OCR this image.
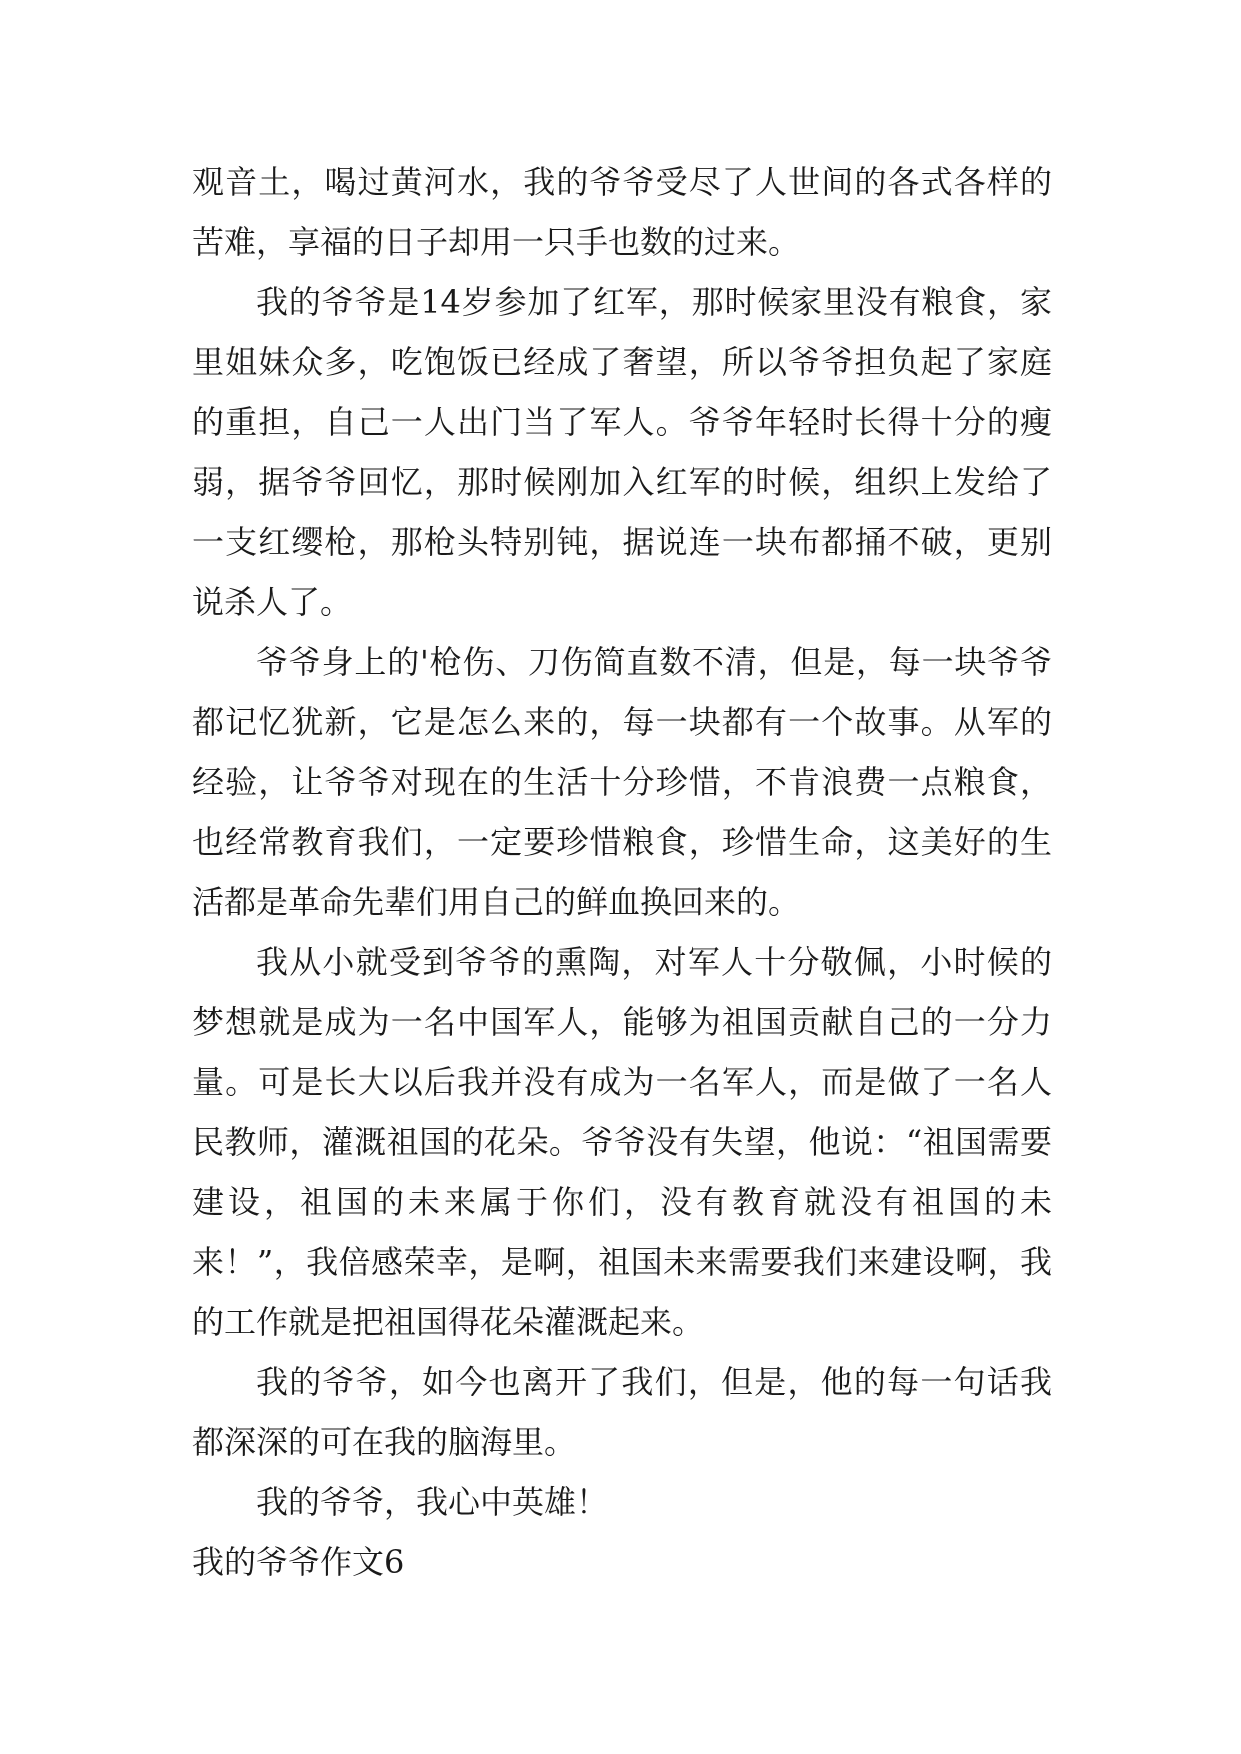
观音土，喝过黄河水，我的爷爷受尽了人世间的各式各样的苦难，享福的日子却用一只手也数的过来。

我的爷爷是14岁参加了红军，那时候家里没有粮食，家里姐妹众多，吃饱饭已经成了奢望，所以爷爷担负起了家庭的重担，自己一人出门当了军人。爷爷年轻时长得十分的瘦弱，据爷爷回忆，那时候刚加入红军的时候，组织上发给了一支红缨枪，那枪头特别钝，据说连一块布都捅不破，更别说杀人了。

爷爷身上的'枪伤、刀伤简直数不清，但是，每一块爷爷都记忆犹新，它是怎么来的，每一块都有一个故事。从军的经验，让爷爷对现在的生活十分珍惜，不肯浪费一点粮食，也经常教育我们，一定要珍惜粮食，珍惜生命，这美好的生活都是革命先辈们用自己的鲜血换回来的。

我从小就受到爷爷的熏陶，对军人十分敬佩，小时候的梦想就是成为一名中国军人，能够为祖国贡献自己的一分力量。可是长大以后我并没有成为一名军人，而是做了一名人民教师，灌溉祖国的花朵。爷爷没有失望，他说：“祖国需要建设，祖国的未来属于你们，没有教育就没有祖国的未来！”，我倍感荣幸，是啊，祖国未来需要我们来建设啊，我的工作就是把祖国得花朵灌溉起来。

我的爷爷，如今也离开了我们，但是，他的每一句话我都深深的可在我的脑海里。

我的爷爷，我心中英雄！

我的爷爷作文6
